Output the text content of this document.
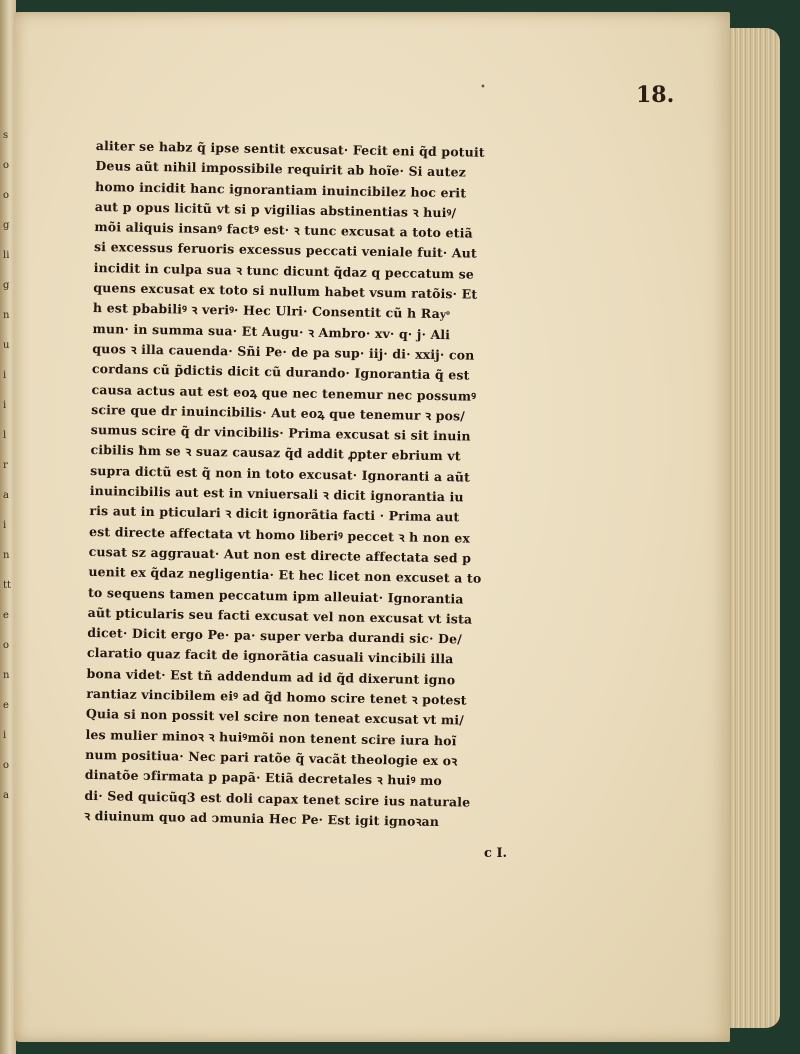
s
o
o
g
li
g
n
u
i
i
l
r
a
i
n
tt
e
o
n
e
i
o
a
•	18.
aliter se habz q̃ ipse sentit excusat· Fecit eni q̃d potuit
Deus aũt nihil impossibile requirit ab hoĩe· Si autez
homo incidit hanc ignorantiam inuincibilez hoc erit
aut p opus licitũ vt si p vigilias abstinentias ꝛ huiꝰ/
mõi aliquis insanꝰ factꝰ est· ꝛ tunc excusat a toto etiã
si excessus feruoris excessus peccati veniale fuit· Aut
incidit in culpa sua ꝛ tunc dicunt q̃daz q peccatum se
quens excusat ex toto si nullum habet vsum ratõis· Et
h est pbabiliꝰ ꝛ veriꝰ· Hec Ulri· Consentit cũ h Rayͦ
mun· in summa sua· Et Augu· ꝛ Ambro· xv· q· j· Ali
quos ꝛ illa cauenda· Sñi Pe· de pa sup· iij· di· xxij· con
cordans cũ p̃dictis dicit cũ durando· Ignorantia q̃ est
causa actus aut est eoꝝ que nec tenemur nec possumꝰ
scire que dr inuincibilis· Aut eoꝝ que tenemur ꝛ pos/
sumus scire q̃ dr vincibilis· Prima excusat si sit inuin
cibilis ħm se ꝛ suaz causaz q̃d addit ꝓpter ebrium vt
supra dictũ est q̃ non in toto excusat· Ignoranti a aũt
inuincibilis aut est in vniuersali ꝛ dicit ignorantia iu
ris aut in pticulari ꝛ dicit ignorãtia facti · Prima aut
est directe affectata vt homo liberiꝰ peccet ꝛ h non ex
cusat sz aggrauat· Aut non est directe affectata sed p
uenit ex q̃daz negligentia· Et hec licet non excuset a to
to sequens tamen peccatum ipm alleuiat· Ignorantia
aũt pticularis seu facti excusat vel non excusat vt ista
dicet· Dicit ergo Pe· pa· super verba durandi sic· De/
claratio quaz facit de ignorãtia casuali vincibili illa
bona videt· Est tñ addendum ad id q̃d dixerunt igno
rantiaz vincibilem eiꝰ ad q̃d homo scire tenet ꝛ potest
Quia si non possit vel scire non teneat excusat vt mi/
les mulier minoꝛ ꝛ huiꝰmõi non tenent scire iura hoĩ
num positiua· Nec pari ratõe q̃ vacãt theologie ex oꝛ
dinatõe ↄfirmata p papã· Etiã decretales ꝛ huiꝰ mo
di· Sed quicũq3 est doli capax tenet scire ius naturale
ꝛ diuinum quo ad ↄmunia Hec Pe· Est igit ignoꝛan
c I.
